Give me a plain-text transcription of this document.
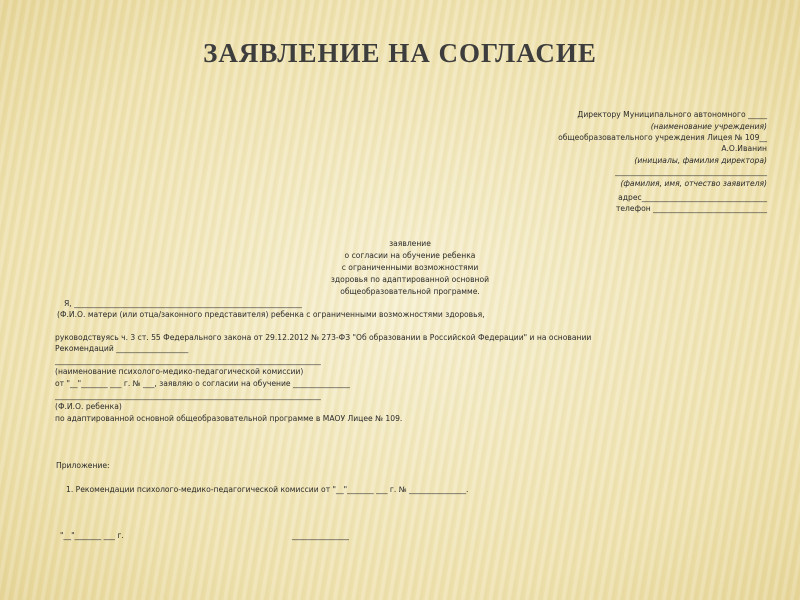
ЗАЯВЛЕНИЕ НА СОГЛАСИЕ
Директору Муниципального автономного _____
(наименование учреждения)
общеобразовательного учреждения Лицея № 109__
А.О.Иванин
(инициалы, фамилия директора)
________________________________________
(фамилия, имя, отчество заявителя)
адрес_________________________________
телефон ______________________________
заявление
о согласии на обучение ребенка
с ограниченными возможностями
здоровья по адаптированной основной
общеобразовательной программе.
Я, ____________________________________________________________
(Ф.И.О. матери (или отца/законного представителя) ребенка с ограниченными возможностями здоровья,
руководствуясь ч. 3 ст. 55 Федерального закона от 29.12.2012 № 273-ФЗ "Об образовании в Российской Федерации" и на основании
Рекомендаций ___________________
______________________________________________________________________
(наименование психолого-медико-педагогической комиссии)
от "__"_______ ___ г. № ___, заявляю о согласии на обучение _______________
______________________________________________________________________
(Ф.И.О. ребенка)
по адаптированной основной общеобразовательной программе в МАОУ Лицее № 109.
Приложение:
1. Рекомендации психолого-медико-педагогической комиссии от "__"_______ ___ г. № _______________.
"__"_______ ___ г.	_______________
